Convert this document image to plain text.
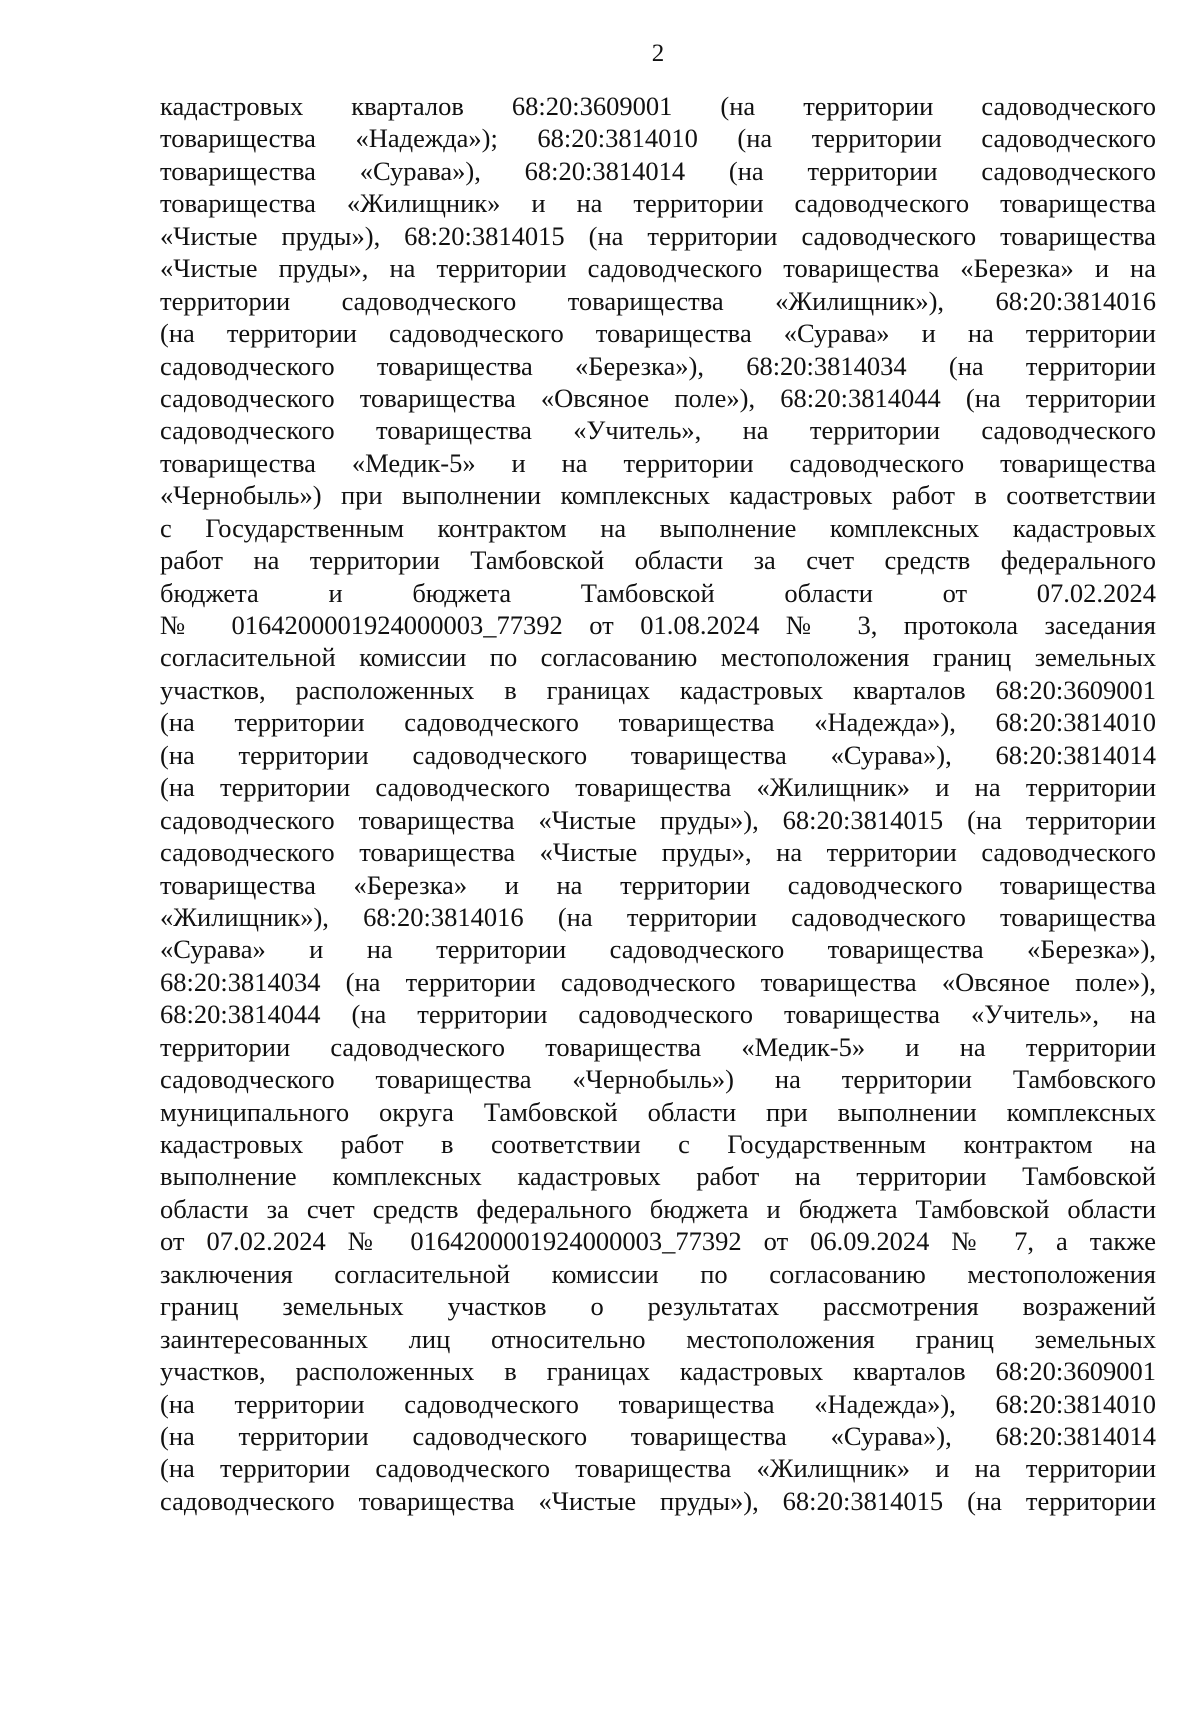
2
кадастровых кварталов 68:20:3609001 (на территории садоводческого
товарищества «Надежда»); 68:20:3814010 (на территории садоводческого
товарищества «Сурава»), 68:20:3814014 (на территории садоводческого
товарищества «Жилищник» и на территории садоводческого товарищества
«Чистые пруды»), 68:20:3814015 (на территории садоводческого товарищества
«Чистые пруды», на территории садоводческого товарищества «Березка» и на
территории садоводческого товарищества «Жилищник»), 68:20:3814016
(на территории садоводческого товарищества «Сурава» и на территории
садоводческого товарищества «Березка»), 68:20:3814034 (на территории
садоводческого товарищества «Овсяное поле»), 68:20:3814044 (на территории
садоводческого товарищества «Учитель», на территории садоводческого
товарищества «Медик-5» и на территории садоводческого товарищества
«Чернобыль») при выполнении комплексных кадастровых работ в соответствии
с Государственным контрактом на выполнение комплексных кадастровых
работ на территории Тамбовской области за счет средств федерального
бюджета и бюджета Тамбовской области от 07.02.2024
№ 0164200001924000003_77392 от 01.08.2024 № 3, протокола заседания
согласительной комиссии по согласованию местоположения границ земельных
участков, расположенных в границах кадастровых кварталов 68:20:3609001
(на территории садоводческого товарищества «Надежда»), 68:20:3814010
(на территории садоводческого товарищества «Сурава»), 68:20:3814014
(на территории садоводческого товарищества «Жилищник» и на территории
садоводческого товарищества «Чистые пруды»), 68:20:3814015 (на территории
садоводческого товарищества «Чистые пруды», на территории садоводческого
товарищества «Березка» и на территории садоводческого товарищества
«Жилищник»), 68:20:3814016 (на территории садоводческого товарищества
«Сурава» и на территории садоводческого товарищества «Березка»),
68:20:3814034 (на территории садоводческого товарищества «Овсяное поле»),
68:20:3814044 (на территории садоводческого товарищества «Учитель», на
территории садоводческого товарищества «Медик-5» и на территории
садоводческого товарищества «Чернобыль») на территории Тамбовского
муниципального округа Тамбовской области при выполнении комплексных
кадастровых работ в соответствии с Государственным контрактом на
выполнение комплексных кадастровых работ на территории Тамбовской
области за счет средств федерального бюджета и бюджета Тамбовской области
от 07.02.2024 № 0164200001924000003_77392 от 06.09.2024 № 7, а также
заключения согласительной комиссии по согласованию местоположения
границ земельных участков о результатах рассмотрения возражений
заинтересованных лиц относительно местоположения границ земельных
участков, расположенных в границах кадастровых кварталов 68:20:3609001
(на территории садоводческого товарищества «Надежда»), 68:20:3814010
(на территории садоводческого товарищества «Сурава»), 68:20:3814014
(на территории садоводческого товарищества «Жилищник» и на территории
садоводческого товарищества «Чистые пруды»), 68:20:3814015 (на территории
